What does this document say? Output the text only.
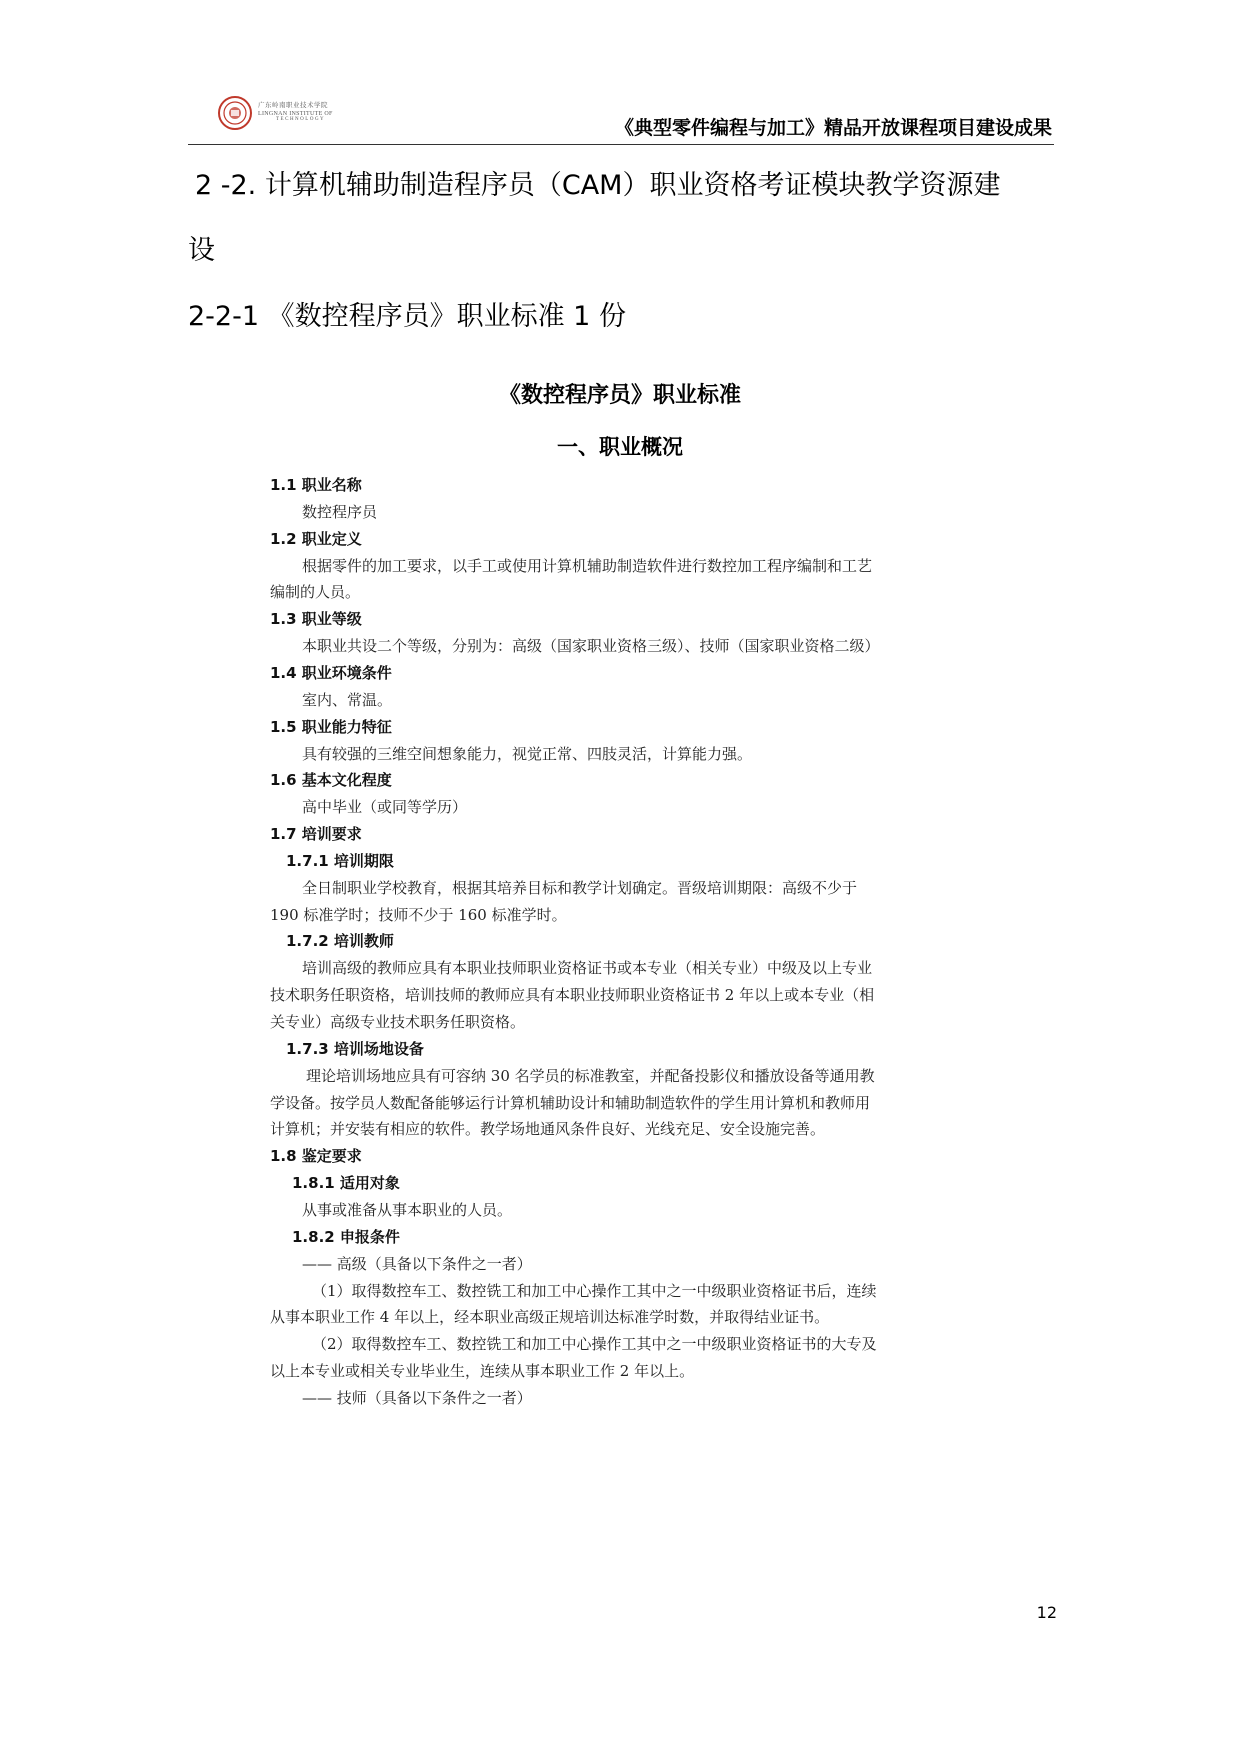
广东岭南职业技术学院
LINGNAN INSTITUTE OF
TECHNOLOGY	《典型零件编程与加工》精品开放课程项目建设成果
2 -2. 计算机辅助制造程序员（CAM）职业资格考证模块教学资源建
设
2-2-1 《数控程序员》职业标准 1 份
《数控程序员》职业标准
一、职业概况
1.1 职业名称
数控程序员
1.2 职业定义
根据零件的加工要求，以手工或使用计算机辅助制造软件进行数控加工程序编制和工艺
编制的人员。
1.3 职业等级
本职业共设二个等级，分别为：高级（国家职业资格三级）、技师（国家职业资格二级）
1.4 职业环境条件
室内、常温。
1.5 职业能力特征
具有较强的三维空间想象能力，视觉正常、四肢灵活，计算能力强。
1.6 基本文化程度
高中毕业（或同等学历）
1.7 培训要求
1.7.1 培训期限
全日制职业学校教育，根据其培养目标和教学计划确定。晋级培训期限：高级不少于
190 标准学时；技师不少于 160 标准学时。
1.7.2 培训教师
培训高级的教师应具有本职业技师职业资格证书或本专业（相关专业）中级及以上专业
技术职务任职资格，培训技师的教师应具有本职业技师职业资格证书 2 年以上或本专业（相
关专业）高级专业技术职务任职资格。
1.7.3 培训场地设备
理论培训场地应具有可容纳 30 名学员的标准教室，并配备投影仪和播放设备等通用教
学设备。按学员人数配备能够运行计算机辅助设计和辅助制造软件的学生用计算机和教师用
计算机；并安装有相应的软件。教学场地通风条件良好、光线充足、安全设施完善。
1.8 鉴定要求
1.8.1 适用对象
从事或准备从事本职业的人员。
1.8.2 申报条件
—— 高级（具备以下条件之一者）
（1）取得数控车工、数控铣工和加工中心操作工其中之一中级职业资格证书后，连续
从事本职业工作 4 年以上，经本职业高级正规培训达标准学时数，并取得结业证书。
（2）取得数控车工、数控铣工和加工中心操作工其中之一中级职业资格证书的大专及
以上本专业或相关专业毕业生，连续从事本职业工作 2 年以上。
—— 技师（具备以下条件之一者）
12
